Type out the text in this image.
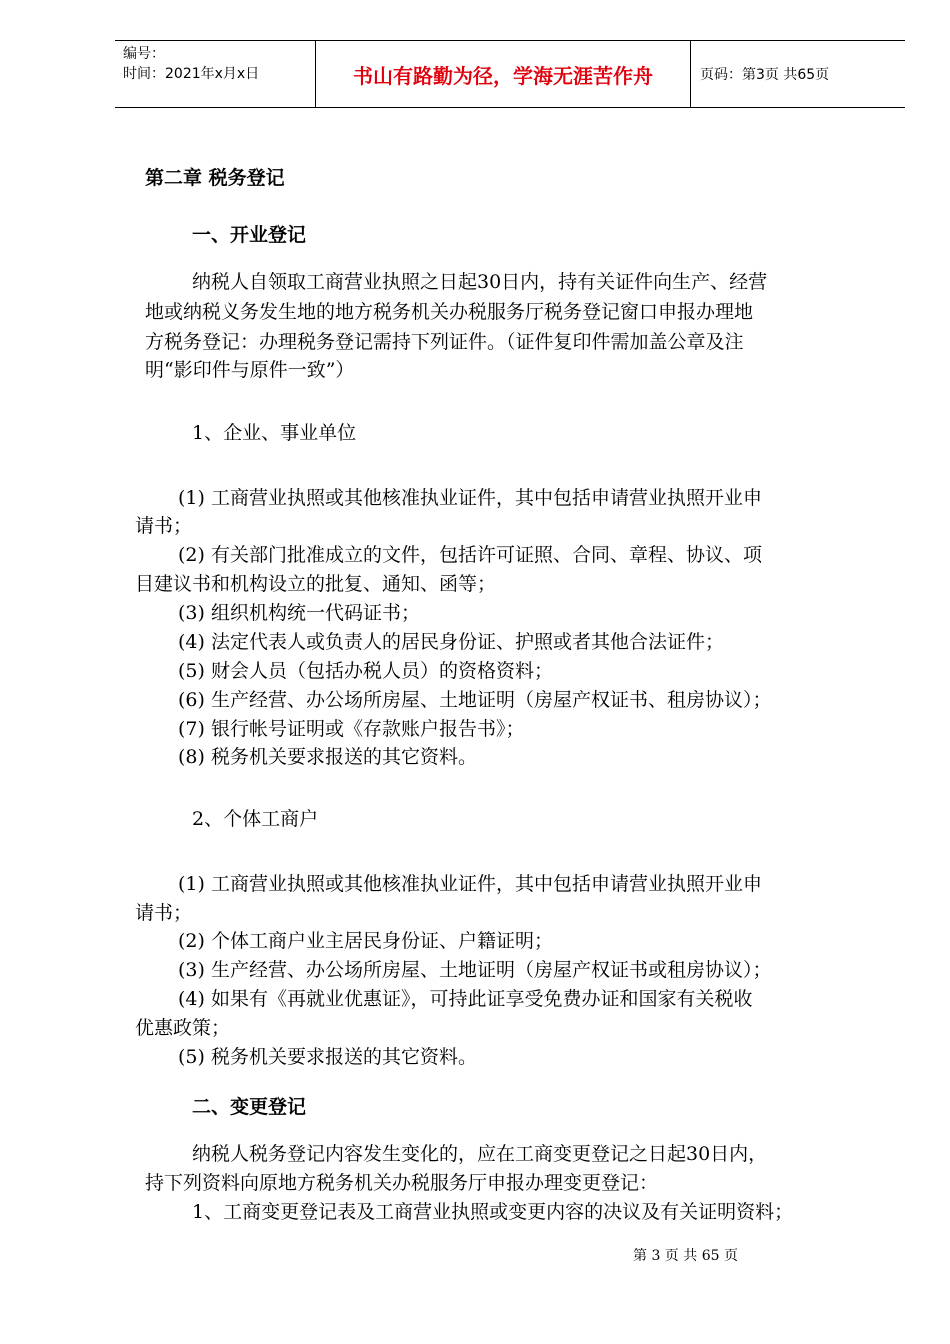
编号：
时间：2021年x月x日	书山有路勤为径，学海无涯苦作舟	页码：第3页 共65页
第二章 税务登记
一、开业登记
纳税人自领取工商营业执照之日起30日内，持有关证件向生产、经营
地或纳税义务发生地的地方税务机关办税服务厅税务登记窗口申报办理地
方税务登记：办理税务登记需持下列证件。（证件复印件需加盖公章及注
明“影印件与原件一致”）
1、企业、事业单位
(1) 工商营业执照或其他核准执业证件，其中包括申请营业执照开业申
请书；
(2) 有关部门批准成立的文件，包括许可证照、合同、章程、协议、项
目建议书和机构设立的批复、通知、函等；
(3) 组织机构统一代码证书；
(4) 法定代表人或负责人的居民身份证、护照或者其他合法证件；
(5) 财会人员（包括办税人员）的资格资料；
(6) 生产经营、办公场所房屋、土地证明（房屋产权证书、租房协议）；
(7) 银行帐号证明或《存款账户报告书》；
(8) 税务机关要求报送的其它资料。
2、个体工商户
(1) 工商营业执照或其他核准执业证件，其中包括申请营业执照开业申
请书；
(2) 个体工商户业主居民身份证、户籍证明；
(3) 生产经营、办公场所房屋、土地证明（房屋产权证书或租房协议）；
(4) 如果有《再就业优惠证》，可持此证享受免费办证和国家有关税收
优惠政策；
(5) 税务机关要求报送的其它资料。
二、变更登记
纳税人税务登记内容发生变化的，应在工商变更登记之日起30日内，
持下列资料向原地方税务机关办税服务厅申报办理变更登记：
1、工商变更登记表及工商营业执照或变更内容的决议及有关证明资料；
第 3 页 共 65 页
